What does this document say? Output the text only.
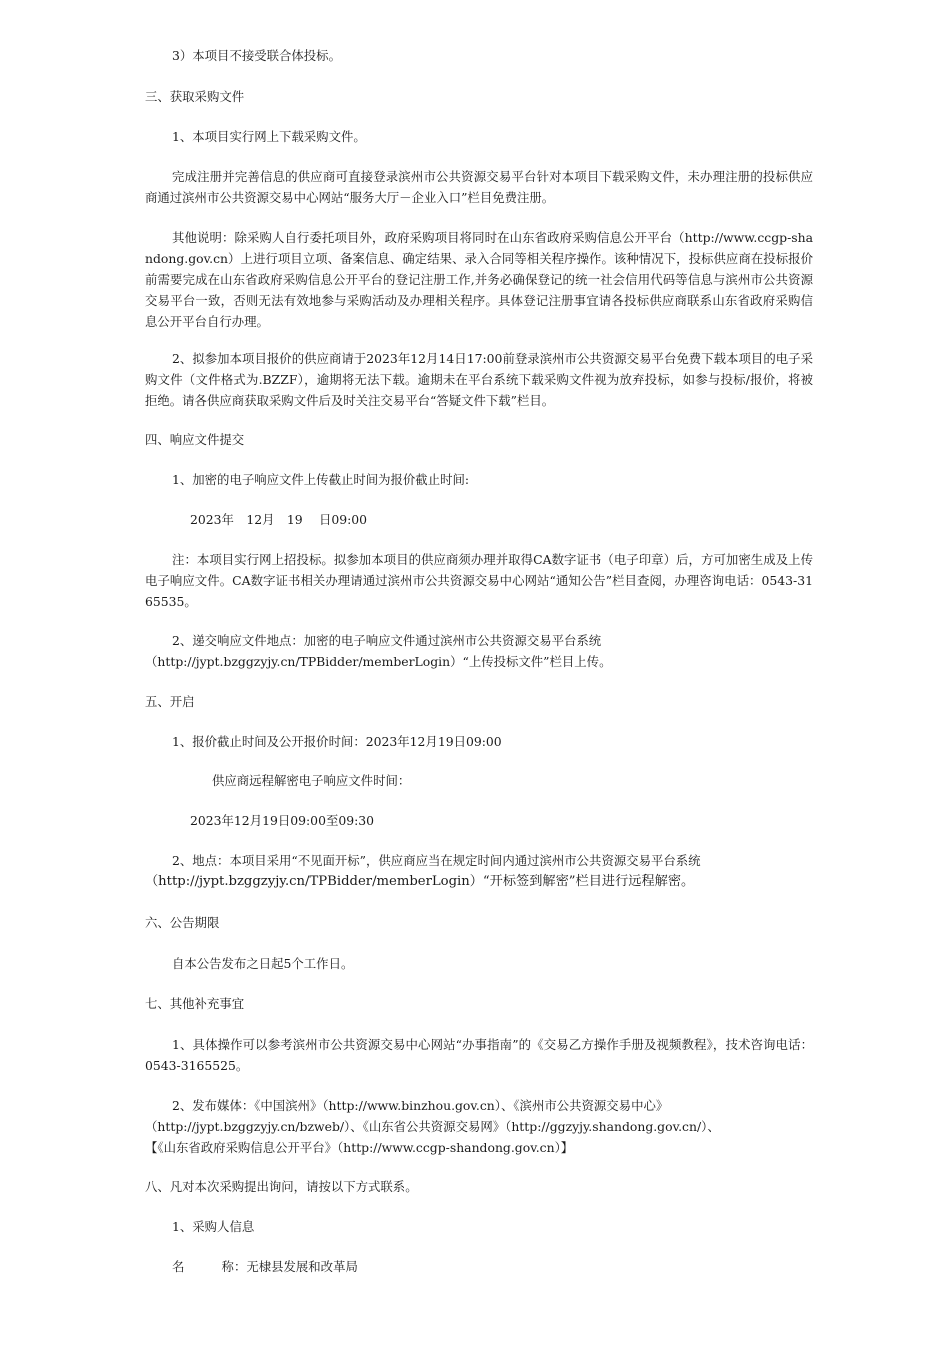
3）本项目不接受联合体投标。
三、获取采购文件
1、本项目实行网上下载采购文件。
完成注册并完善信息的供应商可直接登录滨州市公共资源交易平台针对本项目下载采购文件，未办理注册的投标供应商通过滨州市公共资源交易中心网站“服务大厅－企业入口”栏目免费注册。
其他说明：除采购人自行委托项目外，政府采购项目将同时在山东省政府采购信息公开平台（http://www.ccgp-shandong.gov.cn）上进行项目立项、备案信息、确定结果、录入合同等相关程序操作。该种情况下，投标供应商在投标报价前需要完成在山东省政府采购信息公开平台的登记注册工作,并务必确保登记的统一社会信用代码等信息与滨州市公共资源交易平台一致，否则无法有效地参与采购活动及办理相关程序。具体登记注册事宜请各投标供应商联系山东省政府采购信息公开平台自行办理。
2、拟参加本项目报价的供应商请于2023年12月14日17:00前登录滨州市公共资源交易平台免费下载本项目的电子采购文件（文件格式为.BZZF），逾期将无法下载。逾期未在平台系统下载采购文件视为放弃投标，如参与投标/报价，将被拒绝。请各供应商获取采购文件后及时关注交易平台“答疑文件下载”栏目。
四、响应文件提交
1、加密的电子响应文件上传截止时间为报价截止时间:
2023年　12月　19　 日09:00
注：本项目实行网上招投标。拟参加本项目的供应商须办理并取得CA数字证书（电子印章）后，方可加密生成及上传电子响应文件。CA数字证书相关办理请通过滨州市公共资源交易中心网站“通知公告”栏目查阅，办理咨询电话：0543-3165535。
2、递交响应文件地点：加密的电子响应文件通过滨州市公共资源交易平台系统
（http://jypt.bzggzyjy.cn/TPBidder/memberLogin）“上传投标文件”栏目上传。
五、开启
1、报价截止时间及公开报价时间：2023年12月19日09:00
供应商远程解密电子响应文件时间：
2023年12月19日09:00至09:30
2、地点：本项目采用“不见面开标”，供应商应当在规定时间内通过滨州市公共资源交易平台系统
（http://jypt.bzggzyjy.cn/TPBidder/memberLogin）“开标签到解密”栏目进行远程解密。
六、公告期限
自本公告发布之日起5个工作日。
七、其他补充事宜
1、具体操作可以参考滨州市公共资源交易中心网站“办事指南”的《交易乙方操作手册及视频教程》，技术咨询电话：0543-3165525。
2、发布媒体：《中国滨州》（http://www.binzhou.gov.cn）、《滨州市公共资源交易中心》
（http://jypt.bzggzyjy.cn/bzweb/）、《山东省公共资源交易网》（http://ggzyjy.shandong.gov.cn/）、
【《山东省政府采购信息公开平台》（http://www.ccgp-shandong.gov.cn）】
八、凡对本次采购提出询问，请按以下方式联系。
1、采购人信息
名　　　称：无棣县发展和改革局
